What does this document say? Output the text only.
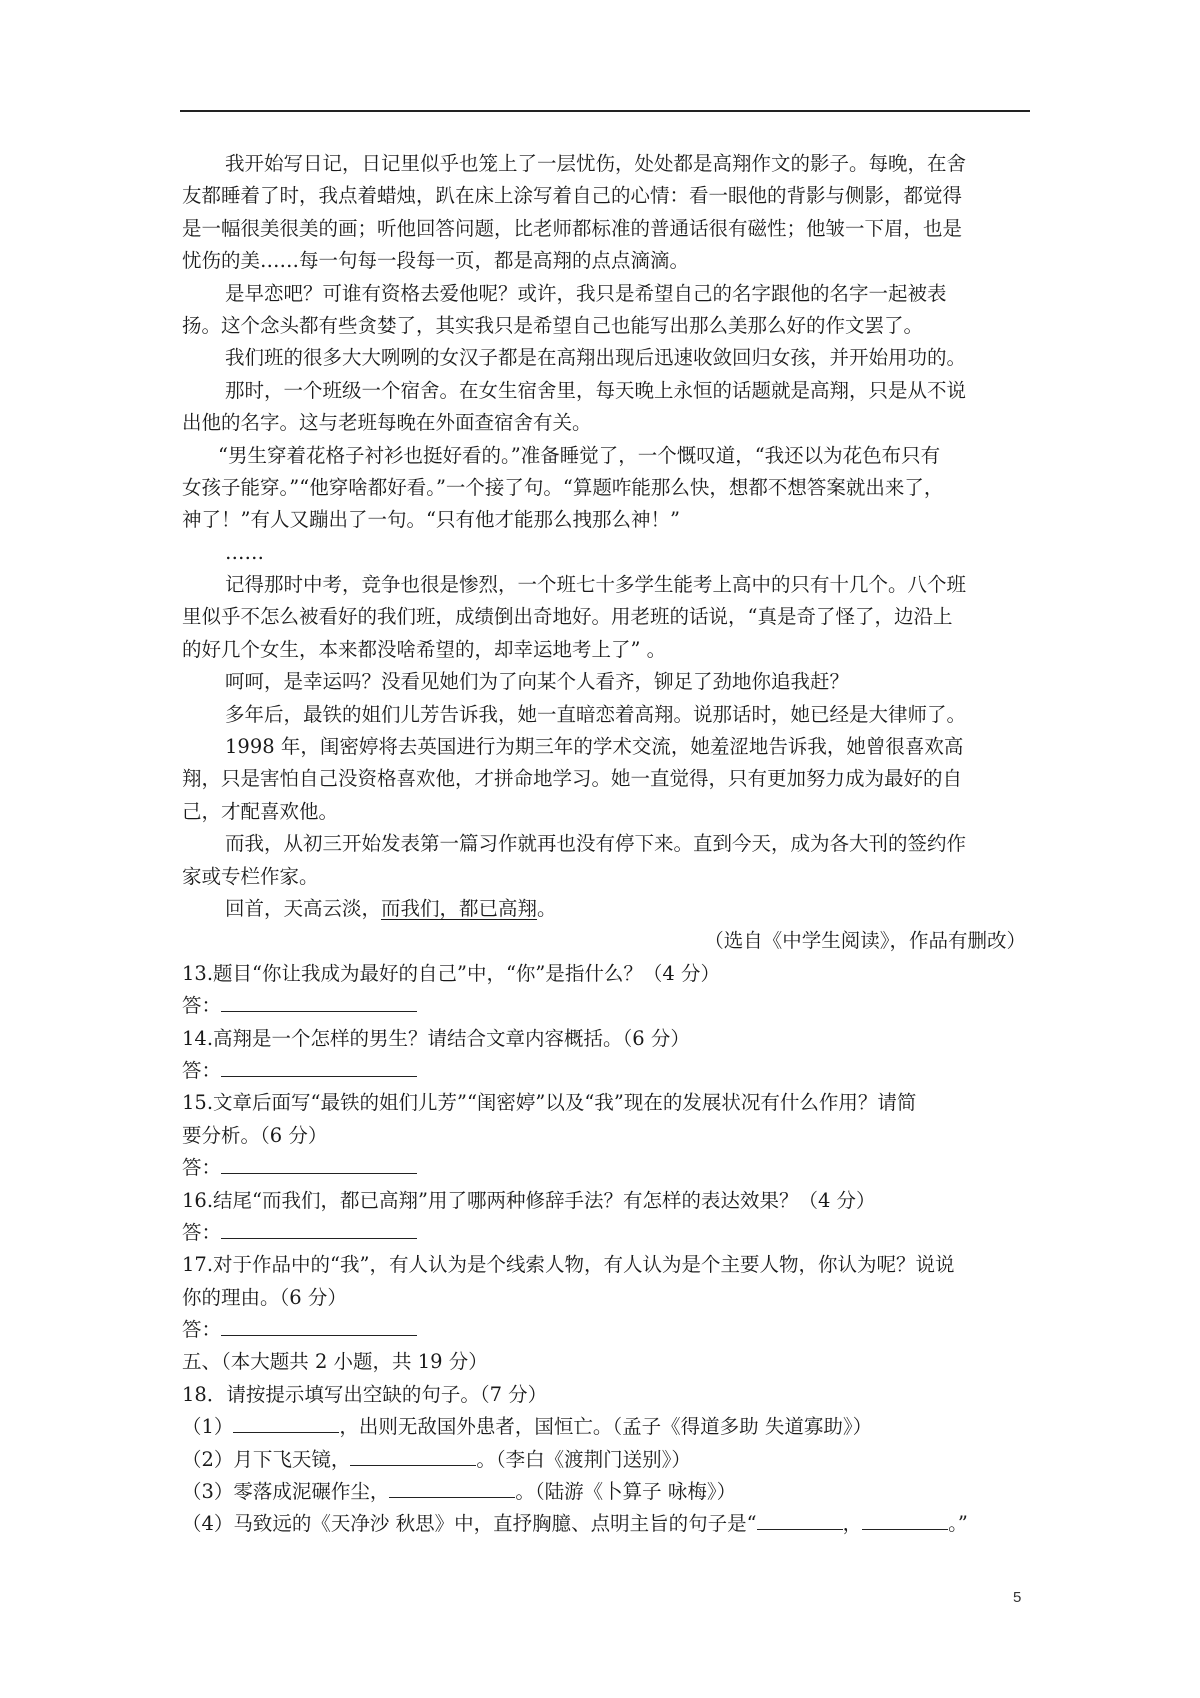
我开始写日记，日记里似乎也笼上了一层忧伤，处处都是高翔作文的影子。每晚，在舍
友都睡着了时，我点着蜡烛，趴在床上涂写着自己的心情：看一眼他的背影与侧影，都觉得
是一幅很美很美的画；听他回答问题，比老师都标准的普通话很有磁性；他皱一下眉，也是
忧伤的美……每一句每一段每一页，都是高翔的点点滴滴。
是早恋吧？可谁有资格去爱他呢？或许，我只是希望自己的名字跟他的名字一起被表
扬。这个念头都有些贪婪了，其实我只是希望自己也能写出那么美那么好的作文罢了。
我们班的很多大大咧咧的女汉子都是在高翔出现后迅速收敛回归女孩，并开始用功的。
那时，一个班级一个宿舍。在女生宿舍里，每天晚上永恒的话题就是高翔，只是从不说
出他的名字。这与老班每晚在外面查宿舍有关。
“男生穿着花格子衬衫也挺好看的。”准备睡觉了，一个慨叹道，“我还以为花色布只有
女孩子能穿。”“他穿啥都好看。”一个接了句。“算题咋能那么快，想都不想答案就出来了，
神了！”有人又蹦出了一句。“只有他才能那么拽那么神！”
……
记得那时中考，竞争也很是惨烈，一个班七十多学生能考上高中的只有十几个。八个班
里似乎不怎么被看好的我们班，成绩倒出奇地好。用老班的话说，“真是奇了怪了，边沿上
的好几个女生，本来都没啥希望的，却幸运地考上了” 。
呵呵，是幸运吗？没看见她们为了向某个人看齐，铆足了劲地你追我赶？
多年后，最铁的姐们儿芳告诉我，她一直暗恋着高翔。说那话时，她已经是大律师了。
1998 年，闺密婷将去英国进行为期三年的学术交流，她羞涩地告诉我，她曾很喜欢高
翔，只是害怕自己没资格喜欢他，才拼命地学习。她一直觉得，只有更加努力成为最好的自
己，才配喜欢他。
而我，从初三开始发表第一篇习作就再也没有停下来。直到今天，成为各大刊的签约作
家或专栏作家。
回首，天高云淡，而我们，都已高翔。
（选自《中学生阅读》，作品有删改）
13.题目“你让我成为最好的自己”中，“你”是指什么？（4 分）
答：
14.高翔是一个怎样的男生？请结合文章内容概括。（6 分）
答：
15.文章后面写“最铁的姐们儿芳”“闺密婷”以及“我”现在的发展状况有什么作用？请简
要分析。（6 分）
答：
16.结尾“而我们，都已高翔”用了哪两种修辞手法？有怎样的表达效果？（4 分）
答：
17.对于作品中的“我”，有人认为是个线索人物，有人认为是个主要人物，你认为呢？说说
你的理由。（6 分）
答：
五、（本大题共 2 小题，共 19 分）
18．请按提示填写出空缺的句子。（7 分）
（1）	，出则无敌国外患者，国恒亡。（孟子《得道多助 失道寡助》）
（2）月下飞天镜，	。（李白《渡荆门送别》）
（3）零落成泥碾作尘，	。（陆游《卜算子 咏梅》）
（4）马致远的《天净沙 秋思》中，直抒胸臆、点明主旨的句子是“	，	。”
5
